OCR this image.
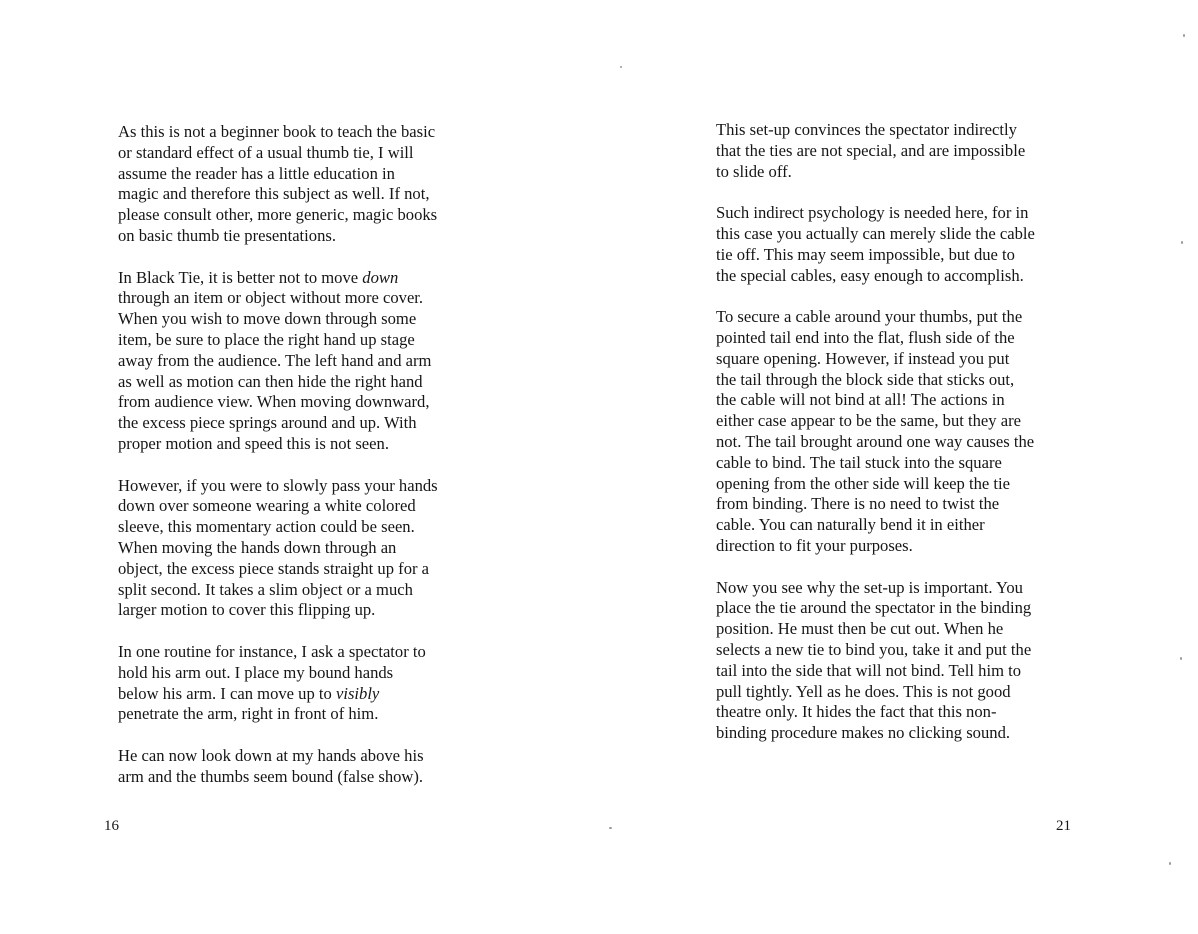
As this is not a beginner book to teach the basic
or standard effect of a usual thumb tie, I will
assume the reader has a little education in
magic and therefore this subject as well. If not,
please consult other, more generic, magic books
on basic thumb tie presentations.

In Black Tie, it is better not to move down
through an item or object without more cover.
When you wish to move down through some
item, be sure to place the right hand up stage
away from the audience. The left hand and arm
as well as motion can then hide the right hand
from audience view. When moving downward,
the excess piece springs around and up. With
proper motion and speed this is not seen.

However, if you were to slowly pass your hands
down over someone wearing a white colored
sleeve, this momentary action could be seen.
When moving the hands down through an
object, the excess piece stands straight up for a
split second. It takes a slim object or a much
larger motion to cover this flipping up.

In one routine for instance, I ask a spectator to
hold his arm out. I place my bound hands
below his arm. I can move up to visibly
penetrate the arm, right in front of him.

He can now look down at my hands above his
arm and the thumbs seem bound (false show).

16

This set-up convinces the spectator indirectly
that the ties are not special, and are impossible
to slide off.

Such indirect psychology is needed here, for in
this case you actually can merely slide the cable
tie off. This may seem impossible, but due to
the special cables, easy enough to accomplish.

To secure a cable around your thumbs, put the
pointed tail end into the flat, flush side of the
square opening. However, if instead you put
the tail through the block side that sticks out,
the cable will not bind at all! The actions in
either case appear to be the same, but they are
not. The tail brought around one way causes the
cable to bind. The tail stuck into the square
opening from the other side will keep the tie
from binding. There is no need to twist the
cable. You can naturally bend it in either
direction to fit your purposes.

Now you see why the set-up is important. You
place the tie around the spectator in the binding
position. He must then be cut out. When he
selects a new tie to bind you, take it and put the
tail into the side that will not bind. Tell him to
pull tightly. Yell as he does. This is not good
theatre only. It hides the fact that this non-
binding procedure makes no clicking sound.

21
